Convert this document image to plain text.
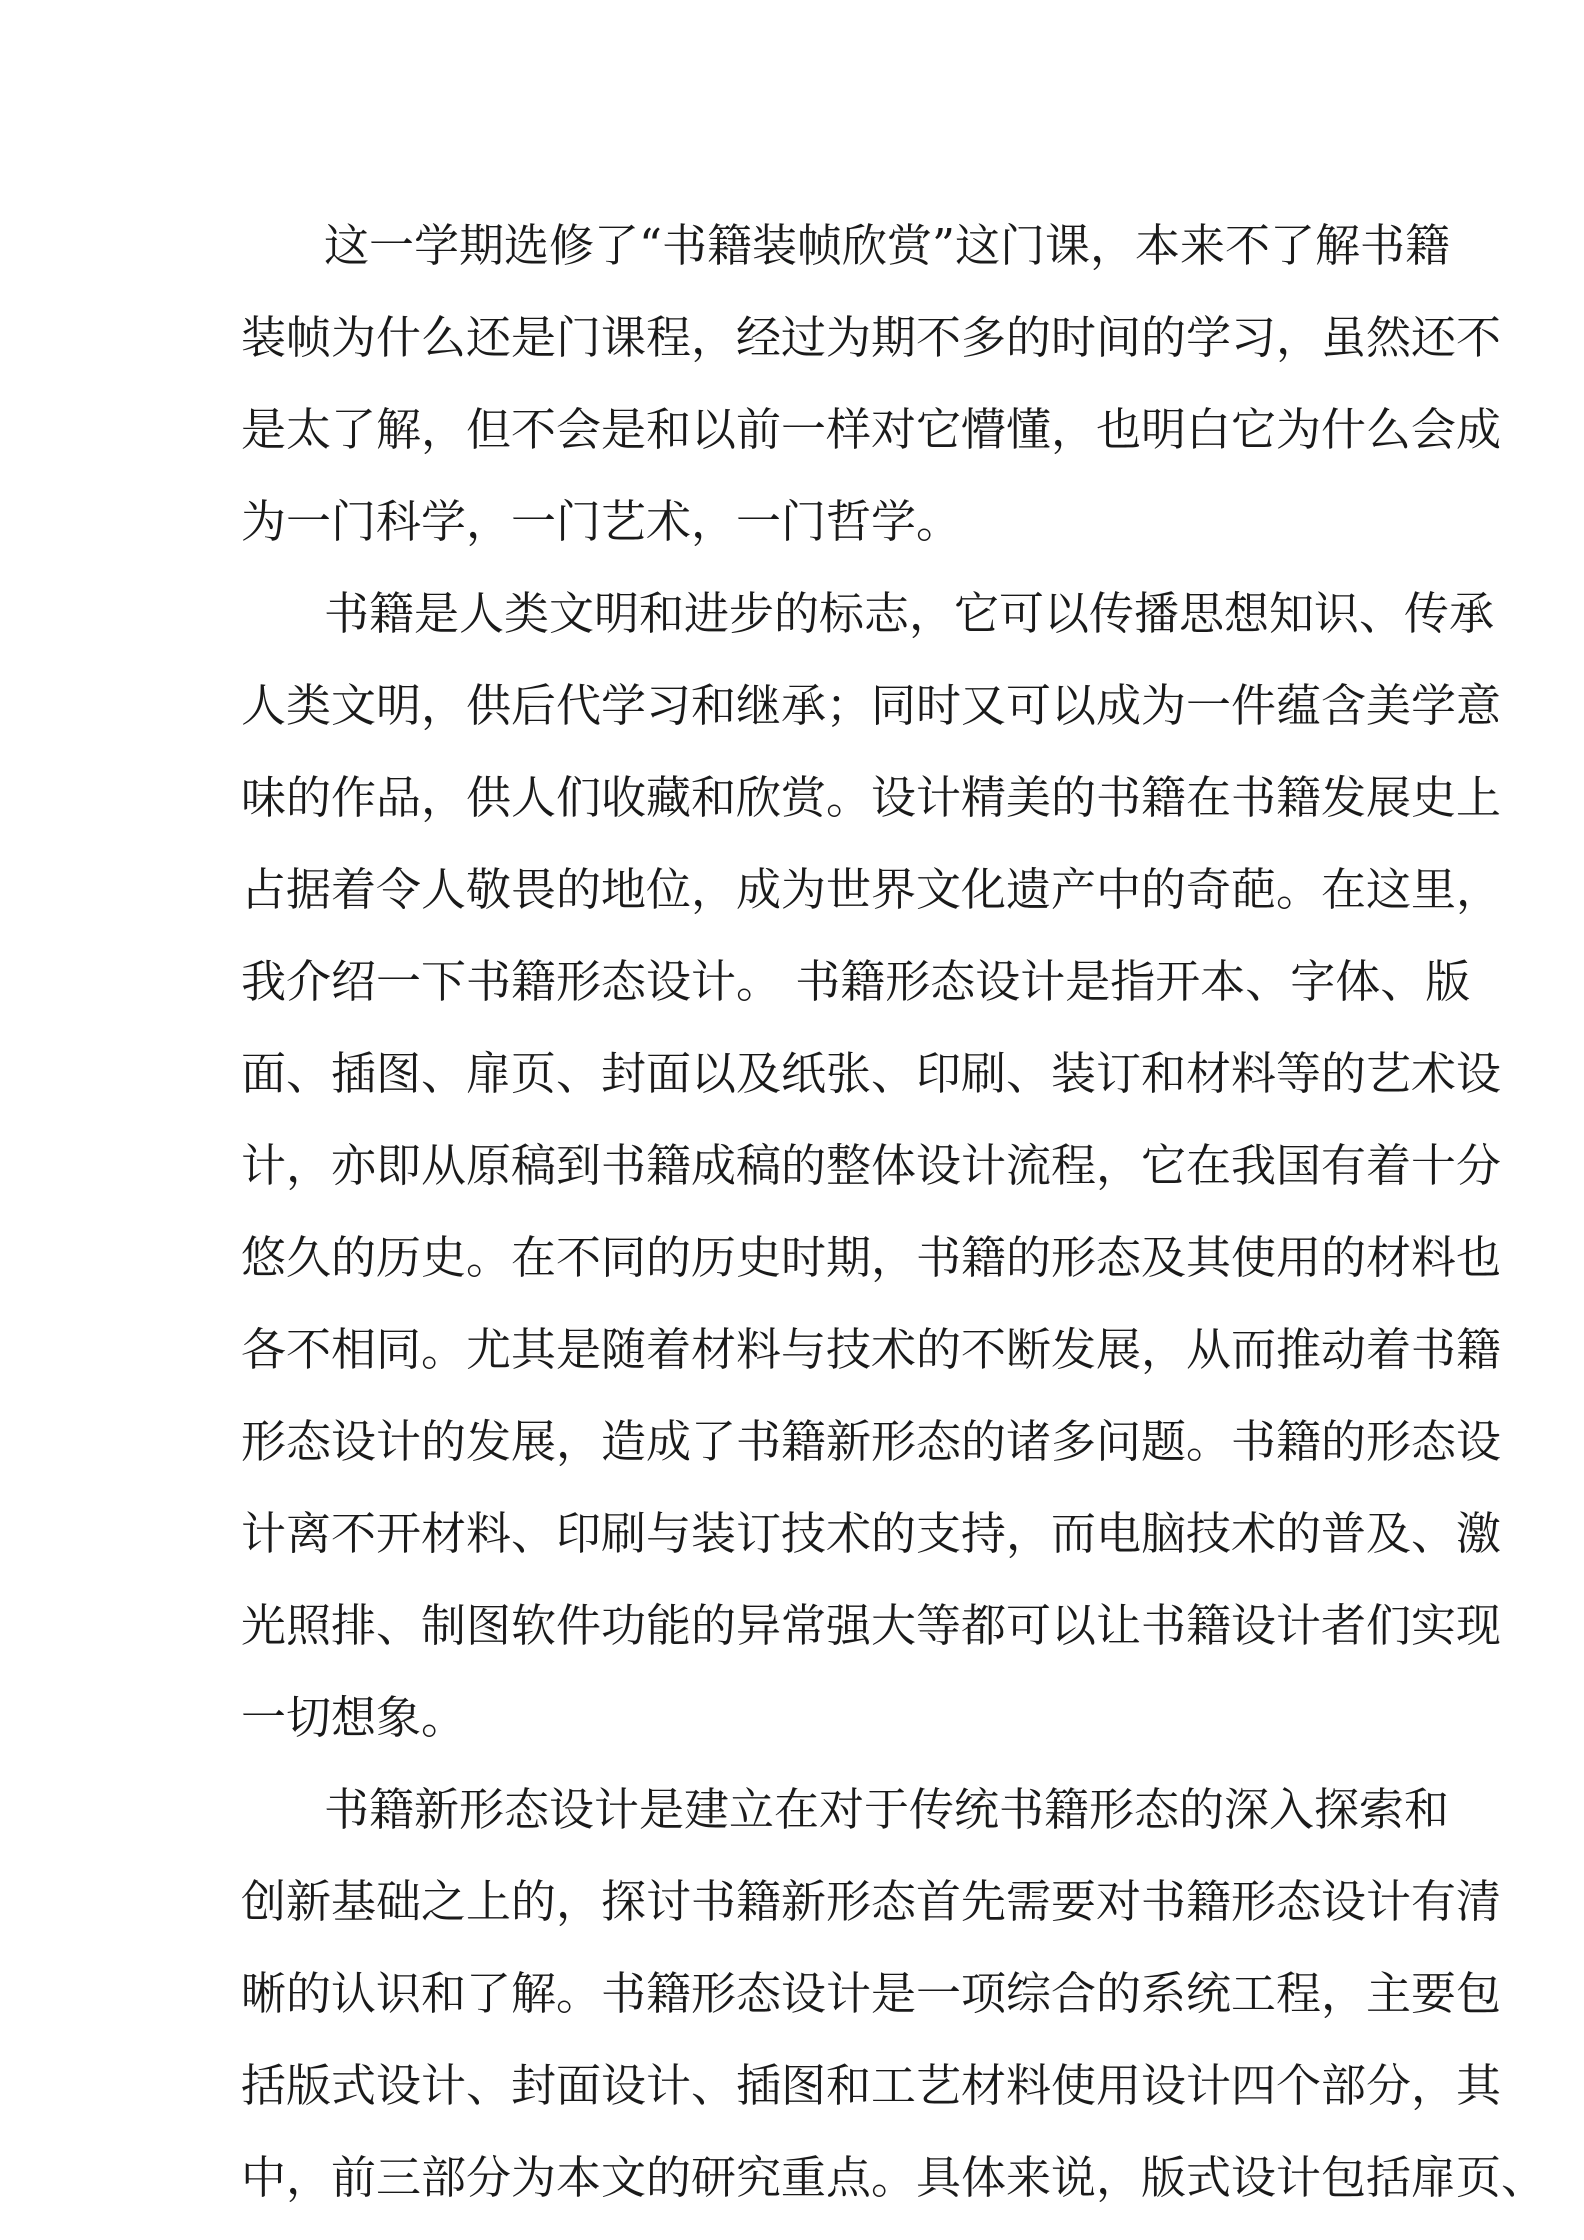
这一学期选修了“书籍装帧欣赏”这门课，本来不了解书籍
装帧为什么还是门课程，经过为期不多的时间的学习，虽然还不
是太了解，但不会是和以前一样对它懵懂，也明白它为什么会成
为一门科学，一门艺术，一门哲学。
书籍是人类文明和进步的标志，它可以传播思想知识、传承
人类文明，供后代学习和继承；同时又可以成为一件蕴含美学意
味的作品，供人们收藏和欣赏。设计精美的书籍在书籍发展史上
占据着令人敬畏的地位，成为世界文化遗产中的奇葩。在这里，
我介绍一下书籍形态设计。 书籍形态设计是指开本、字体、版
面、插图、扉页、封面以及纸张、印刷、装订和材料等的艺术设
计，亦即从原稿到书籍成稿的整体设计流程，它在我国有着十分
悠久的历史。在不同的历史时期，书籍的形态及其使用的材料也
各不相同。尤其是随着材料与技术的不断发展，从而推动着书籍
形态设计的发展，造成了书籍新形态的诸多问题。书籍的形态设
计离不开材料、印刷与装订技术的支持，而电脑技术的普及、激
光照排、制图软件功能的异常强大等都可以让书籍设计者们实现
一切想象。
书籍新形态设计是建立在对于传统书籍形态的深入探索和
创新基础之上的，探讨书籍新形态首先需要对书籍形态设计有清
晰的认识和了解。书籍形态设计是一项综合的系统工程，主要包
括版式设计、封面设计、插图和工艺材料使用设计四个部分，其
中，前三部分为本文的研究重点。具体来说，版式设计包括扉页、
